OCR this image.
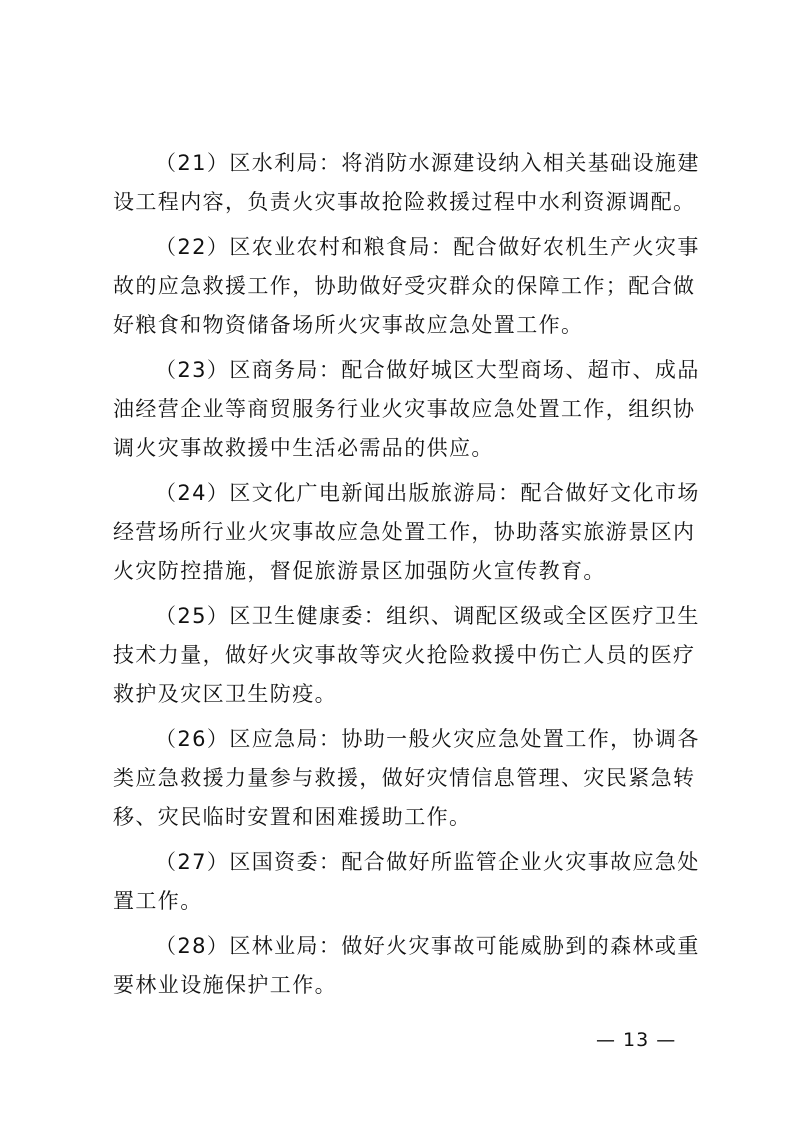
（21）区水利局：将消防水源建设纳入相关基础设施建
设工程内容，负责火灾事故抢险救援过程中水利资源调配。
（22）区农业农村和粮食局：配合做好农机生产火灾事
故的应急救援工作，协助做好受灾群众的保障工作；配合做
好粮食和物资储备场所火灾事故应急处置工作。
（23）区商务局：配合做好城区大型商场、超市、成品
油经营企业等商贸服务行业火灾事故应急处置工作，组织协
调火灾事故救援中生活必需品的供应。
（24）区文化广电新闻出版旅游局：配合做好文化市场
经营场所行业火灾事故应急处置工作，协助落实旅游景区内
火灾防控措施，督促旅游景区加强防火宣传教育。
（25）区卫生健康委：组织、调配区级或全区医疗卫生
技术力量，做好火灾事故等灾火抢险救援中伤亡人员的医疗
救护及灾区卫生防疫。
（26）区应急局：协助一般火灾应急处置工作，协调各
类应急救援力量参与救援，做好灾情信息管理、灾民紧急转
移、灾民临时安置和困难援助工作。
（27）区国资委：配合做好所监管企业火灾事故应急处
置工作。
（28）区林业局：做好火灾事故可能威胁到的森林或重
要林业设施保护工作。
— 13 —
